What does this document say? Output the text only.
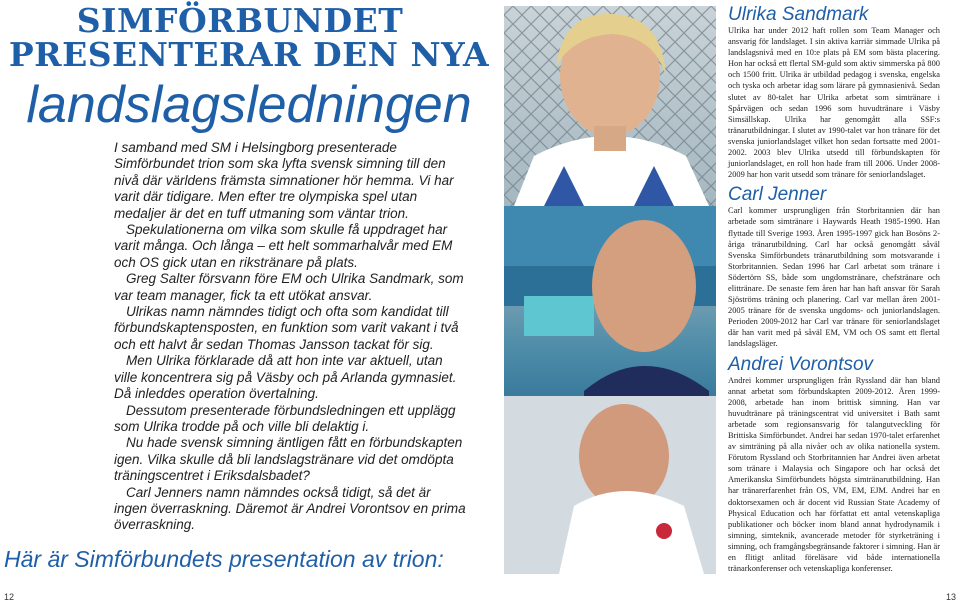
SIMFÖRBUNDET
PRESENTERAR DEN NYA
landslagsledningen

I samband med SM i Helsingborg presenterade Simförbundet trion som ska lyfta svensk simning till den nivå där världens främsta simnationer hör hemma. Vi har varit där tidigare. Men efter tre olympiska spel utan medaljer är det en tuff utmaning som väntar trion.

Spekulationerna om vilka som skulle få uppdraget har varit många. Och långa – ett helt sommarhalvår med EM och OS gick utan en rikstränare på plats.

Greg Salter försvann före EM och Ulrika Sandmark, som var team manager, fick ta ett utökat ansvar.

Ulrikas namn nämndes tidigt och ofta som kandidat till förbundskaptensposten, en funktion som varit vakant i två och ett halvt år sedan Thomas Jansson tackat för sig.

Men Ulrika förklarade då att hon inte var aktuell, utan ville koncentrera sig på Väsby och på Arlanda gymnasiet. Då inleddes operation övertalning.

Dessutom presenterade förbundsledningen ett upplägg som Ulrika trodde på och ville bli delaktig i.

Nu hade svensk simning äntligen fått en förbundskapten igen. Vilka skulle då bli landslagstränare vid det omdöpta träningscentret i Eriksdalsbadet?

Carl Jenners namn nämndes också tidigt, så det är ingen överraskning. Däremot är Andrei Vorontsov en prima överraskning.

Här är Simförbundets presentation av trion:
12	13
Ulrika Sandmark

Ulrika har under 2012 haft rollen som Team Manager och ansvarig för landslaget. I sin aktiva karriär simmade Ulrika på landslagsnivå med en 10:e plats på EM som bästa placering. Hon har också ett flertal SM-guld som aktiv simmerska på 800 och 1500 fritt. Ulrika är utbildad pedagog i svenska, engelska och tyska och arbetar idag som lärare på gymnasienivå. Sedan slutet av 80-talet har Ulrika arbetat som simtränare i Spårvägen och sedan 1996 som huvudtränare i Väsby Simsällskap. Ulrika har genomgått alla SSF:s tränarutbildningar. I slutet av 1990-talet var hon tränare för det svenska juniorlandslaget vilket hon sedan fortsatte med 2001-2002. 2003 blev Ulrika utsedd till förbundskapten för juniorlandslaget, en roll hon hade fram till 2006. Under 2008-2009 har hon varit utsedd som tränare för seniorlandslaget.

Carl Jenner

Carl kommer ursprungligen från Storbritannien där han arbetade som simtränare i Haywards Heath 1985-1990. Han flyttade till Sverige 1993. Åren 1995-1997 gick han Bosöns 2-åriga tränarutbildning. Carl har också genomgått såväl Svenska Simförbundets tränarutbildning som motsvarande i Storbritannien. Sedan 1996 har Carl arbetat som tränare i Södertörn SS, både som ungdomstränare, chefstränare och elittränare. De senaste fem åren har han haft ansvar för Sarah Sjöströms träning och planering. Carl var mellan åren 2001-2005 tränare för de svenska ungdoms- och juniorlandslagen. Perioden 2009-2012 har Carl var tränare för seniorlandslaget där han varit med på såväl EM, VM och OS samt ett flertal landslagsläger.

Andrei Vorontsov

Andrei kommer ursprungligen från Ryssland där han bland annat arbetat som förbundskapten 2009-2012. Åren 1999-2008, arbetade han inom brittisk simning. Han var huvudtränare på träningscentrat vid universitet i Bath samt arbetade som regionsansvarig för talangutveckling för Brittiska Simförbundet. Andrei har sedan 1970-talet erfarenhet av simträning på alla nivåer och av olika nationella system. Förutom Ryssland och Storbritannien har Andrei även arbetat som tränare i Malaysia och Singapore och har också det Amerikanska Simförbundets högsta simtränarutbildning. Han har tränarerfarenhet från OS, VM, EM, EJM. Andrei har en doktorsexamen och är docent vid Russian State Academy of Physical Education och har författat ett antal vetenskapliga publikationer och böcker inom bland annat hydrodynamik i simning, simteknik, avancerade metoder för styrketräning i simning, och framgångsbegränsande faktorer i simning. Han är en flitigt anlitad föreläsare vid både internationella tränarkonferenser och vetenskapliga konferenser.
